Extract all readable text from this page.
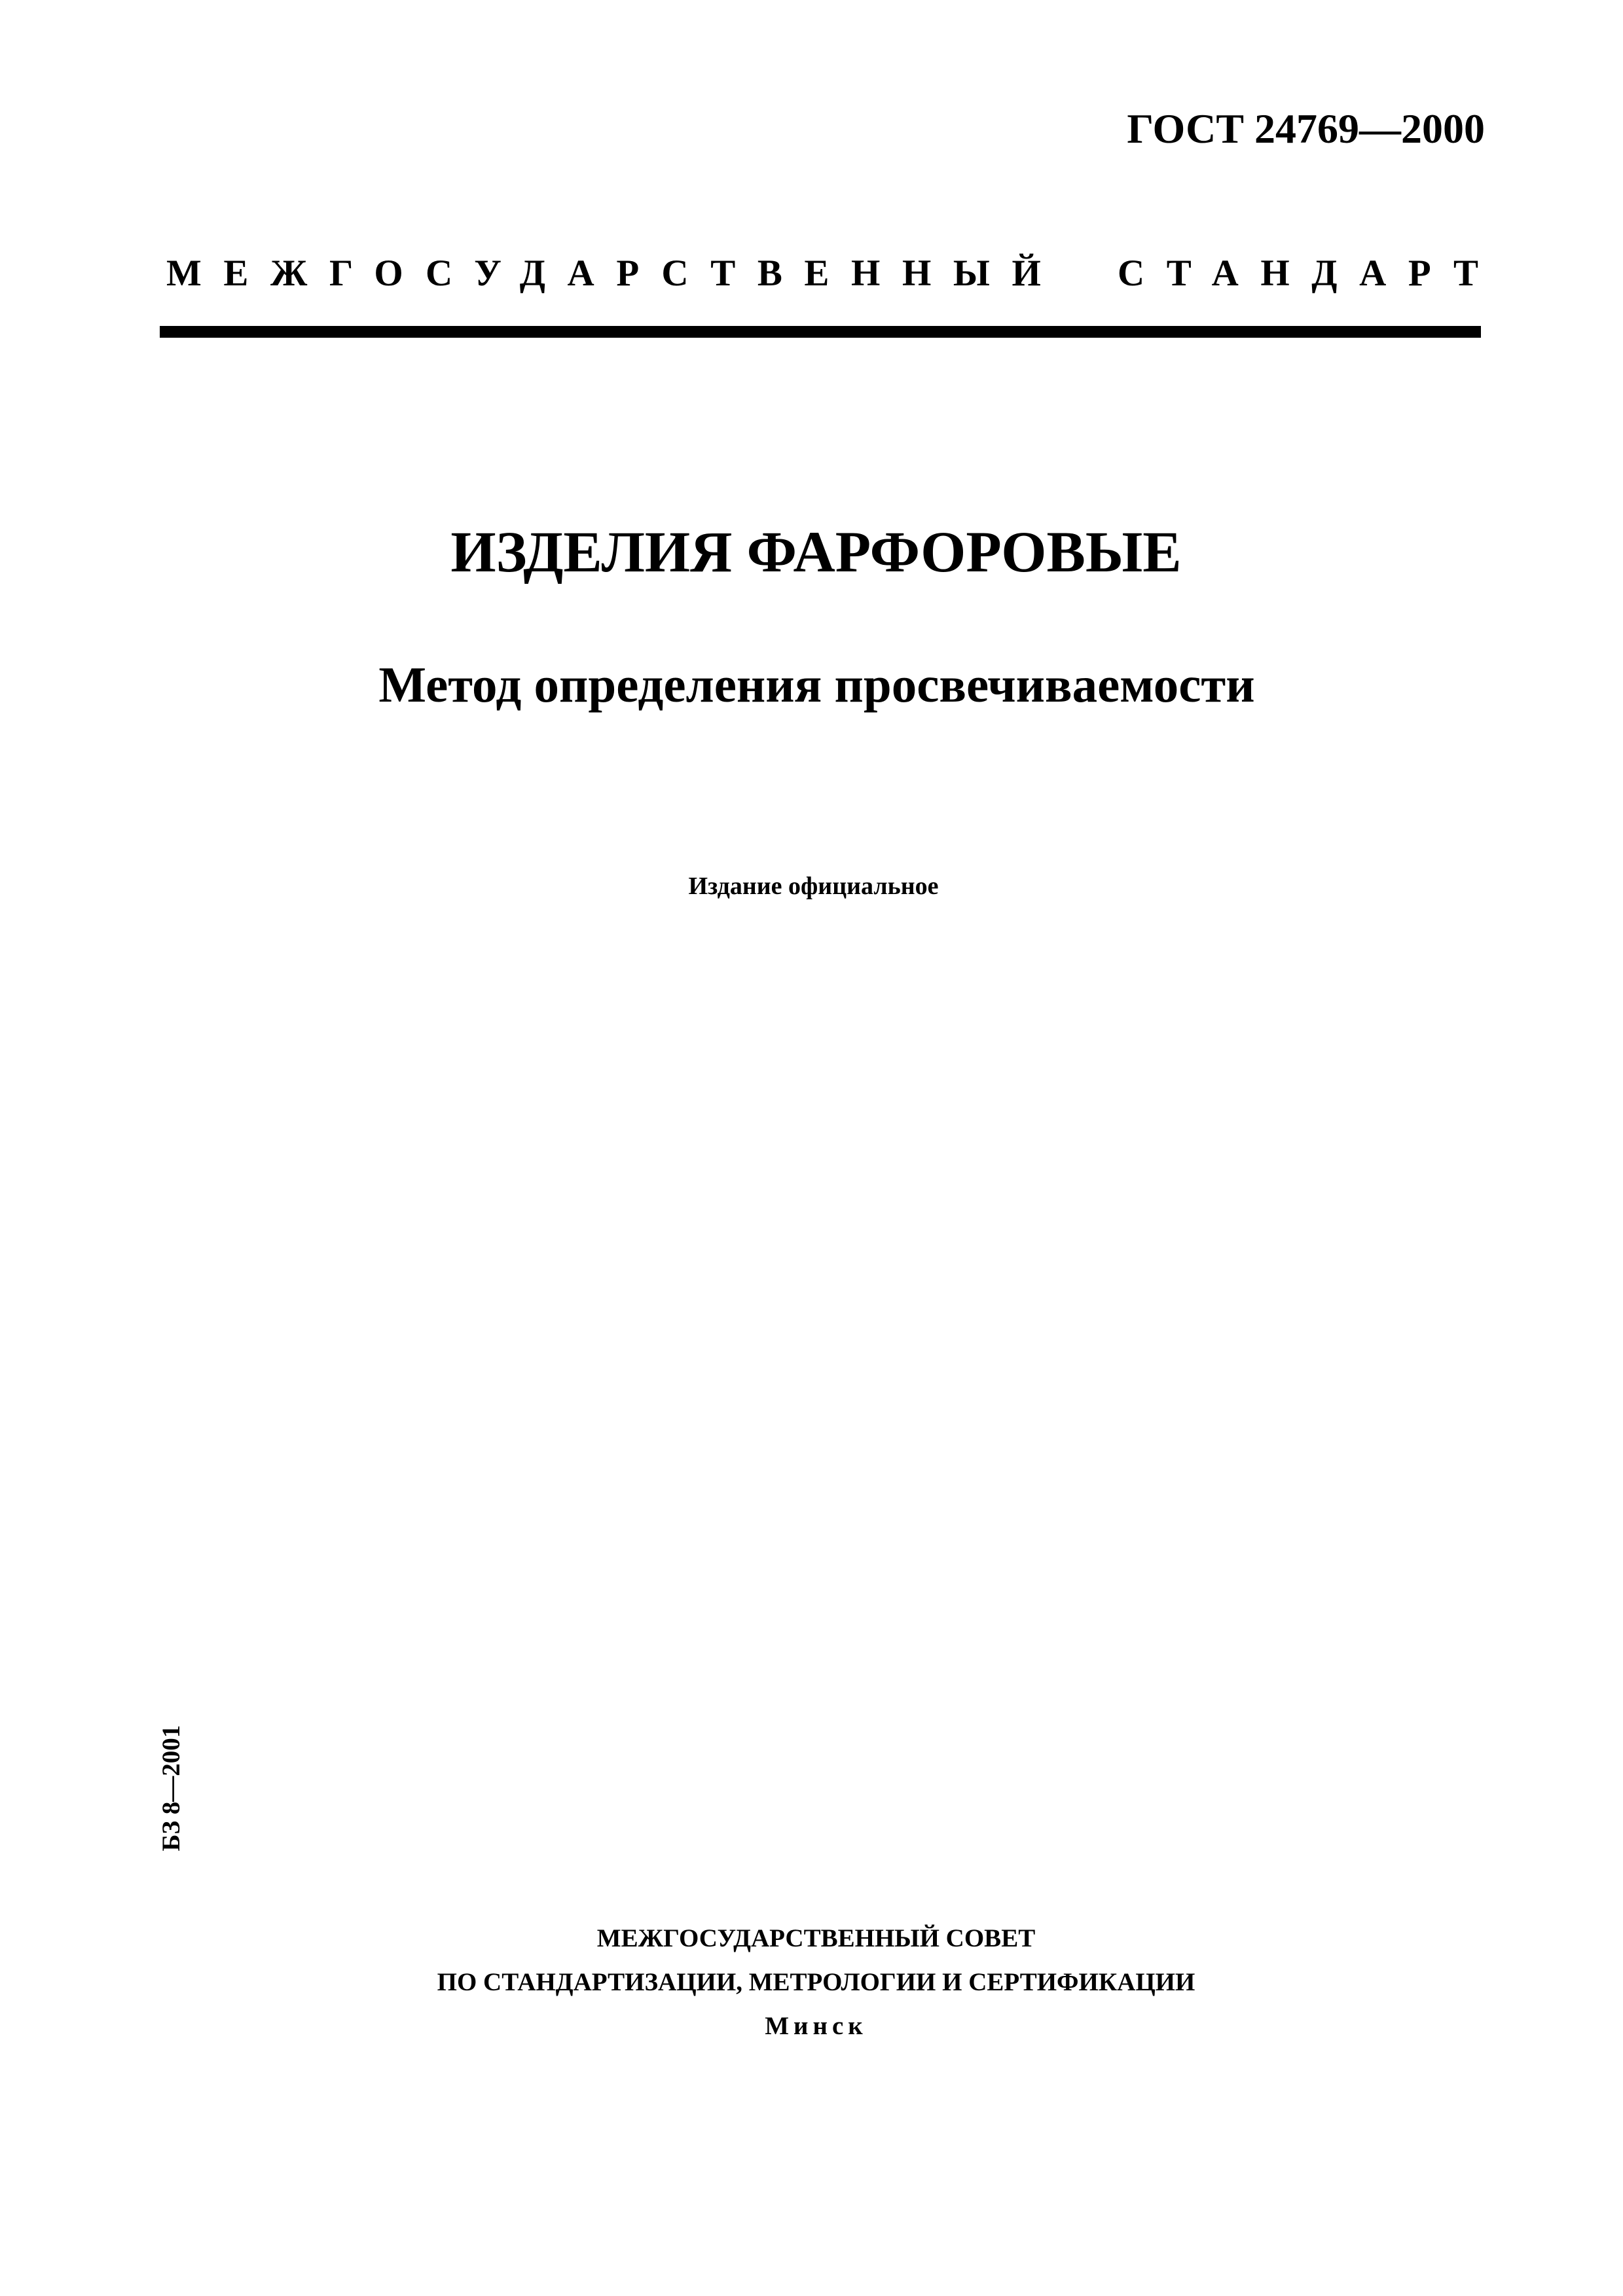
ГОСТ 24769—2000
МЕЖГОСУДАРСТВЕННЫЙ СТАНДАРТ
ИЗДЕЛИЯ ФАРФОРОВЫЕ
Метод определения просвечиваемости
Издание официальное
БЗ 8—2001
МЕЖГОСУДАРСТВЕННЫЙ СОВЕТ
ПО СТАНДАРТИЗАЦИИ, МЕТРОЛОГИИ И СЕРТИФИКАЦИИ
Минск
